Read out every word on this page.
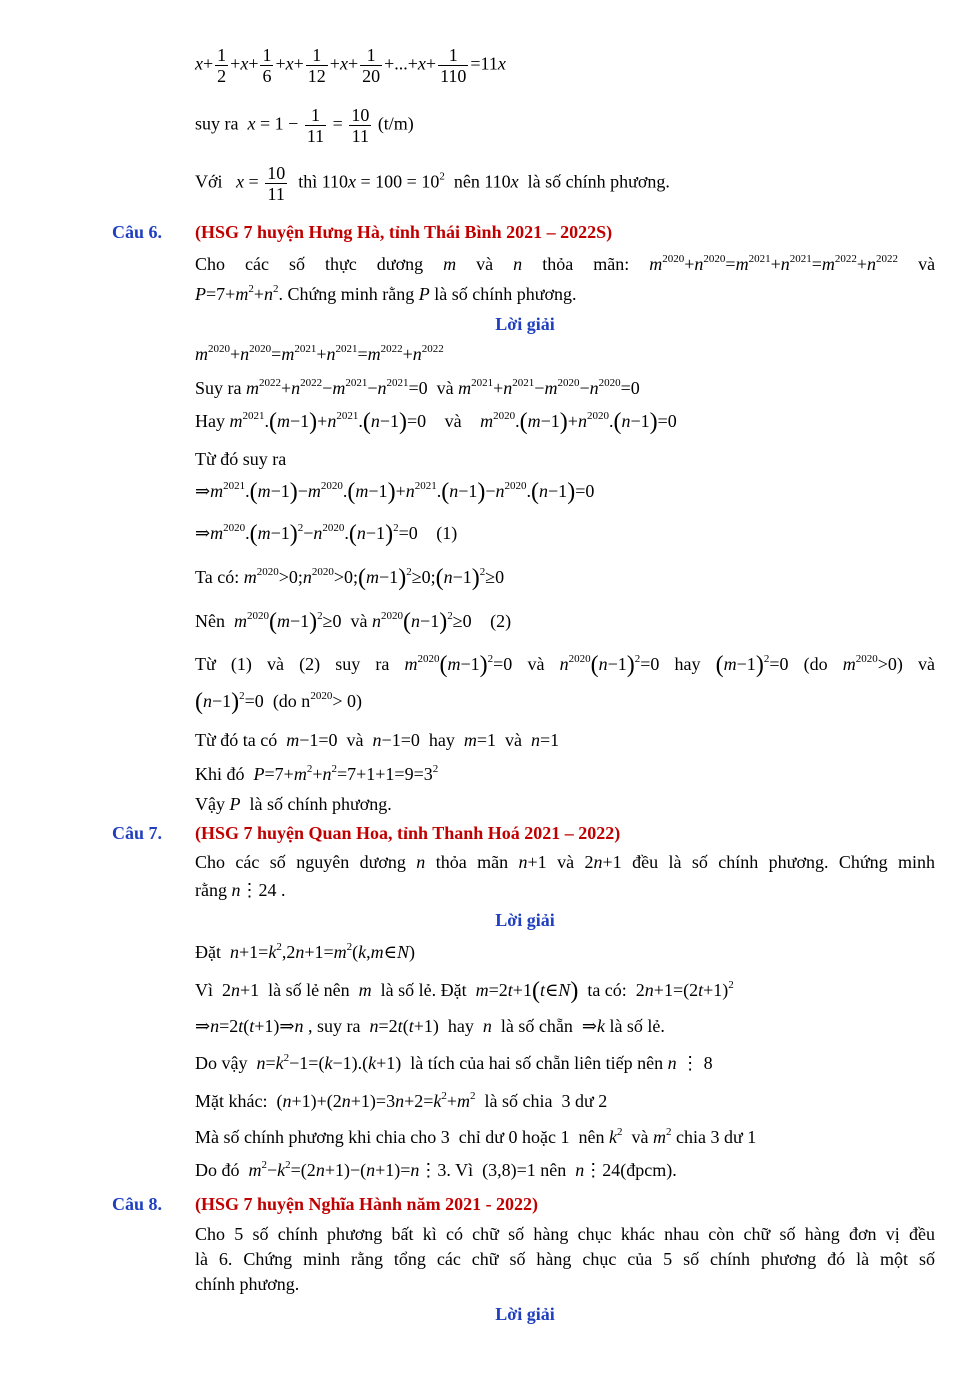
$x+ \frac{1}{2} +x+ \frac{1}{6} +x+ \frac{1}{12} +x+ \frac{1}{20} +...+x+ \frac{1}{110} =11x$
suy ra $x = 1 - \frac{1}{11} = \frac{10}{11} (t/m)$
Với $x = \frac{10}{11}$ thì $110x = 100 = 10^2$  nên 110x là số chính phương.
Câu 6. (HSG 7 huyện Hưng Hà, tỉnh Thái Bình 2021 – 2022S)
Cho các số thực dương m và n thỏa mãn: $m^{2020}+n^{2020}=m^{2021}+n^{2021}=m^{2022}+n^{2022}$ và
$P=7+m^2+n^2$. Chứng minh rằng P là số chính phương.
Lời giải
$m^{2020}+n^{2020}=m^{2021}+n^{2021}=m^{2022}+n^{2022}$
Suy ra $m^{2022}+n^{2022}-m^{2021}-n^{2021}=0$  và $m^{2021}+n^{2021}-m^{2020}-n^{2020}=0$
Hay $m^{2021}.(m-1)+n^{2021}.(n-1)=0$ và $m^{2020}.(m-1)+n^{2020}.(n-1)=0$
Từ đó suy ra
$\Rightarrow m^{2021}.(m-1)-m^{2020}.(m-1)+n^{2021}.(n-1)-n^{2020}.(n-1)=0$
$\Rightarrow m^{2020}.(m-1)^2-n^{2020}.(n-1)^2=0$ (1)
Ta có: $m^{2020}>0;n^{2020}>0;(m-1)^2\ge 0;(n-1)^2\ge 0$
Nên $m^{2020}(m-1)^2\ge 0$  và $n^{2020}(n-1)^2\ge 0$ (2)
Từ (1) và (2) suy ra $m^{2020}(m-1)^2=0$ và $n^{2020}(n-1)^2=0$ hay $(m-1)^2=0$ (do $m^{2020}>0$) và
$(n-1)^2=0$  (do $n^{2020}> 0$)
Từ đó ta có m−1=0  và n−1=0  hay  m=1  và  n=1
Khi đó $P=7+m^2+n^2=7+1+1=9=3^2$
Vậy P là số chính phương.
Câu 7. (HSG 7 huyện Quan Hoa, tỉnh Thanh Hoá 2021 – 2022)
Cho các số nguyên dương n thỏa mãn n+1 và 2n+1 đều là số chính phương. Chứng minh
rằng n⋮24 .
Lời giải
Đặt $n+1=k^2,2n+1=m^2(k,m\in N)$
Vì  2n+1  là số lẻ nên m là số lẻ. Đặt m=2t+1(t∈N) ta có:  $2n+1=(2t+1)^2$
⇒n=2t(t+1)⇒n , suy ra n=2t(t+1)  hay n là số chẵn  ⇒k là số lẻ.
Do vậy $n=k^2-1=(k-1).(k+1)$  là tích của hai số chẵn liên tiếp nên n ⋮ 8
Mặt khác:  $(n+1)+(2n+1)=3n+2=k^2+m^2$ là số chia  3 dư 2
Mà số chính phương khi chia cho 3  chỉ dư 0 hoặc 1  nên $k^2$ và $m^2$ chia 3 dư 1
Do đó $m^2-k^2=(2n+1)-(n+1)=n⋮3$. Vì  (3,8)=1 nên n⋮24(đpcm).
Câu 8. (HSG 7 huyện Nghĩa Hành năm 2021 - 2022)
Cho 5 số chính phương bất kì có chữ số hàng chục khác nhau còn chữ số hàng đơn vị đều
là 6. Chứng minh rằng tổng các chữ số hàng chục của 5 số chính phương đó là một số
chính phương.
Lời giải
